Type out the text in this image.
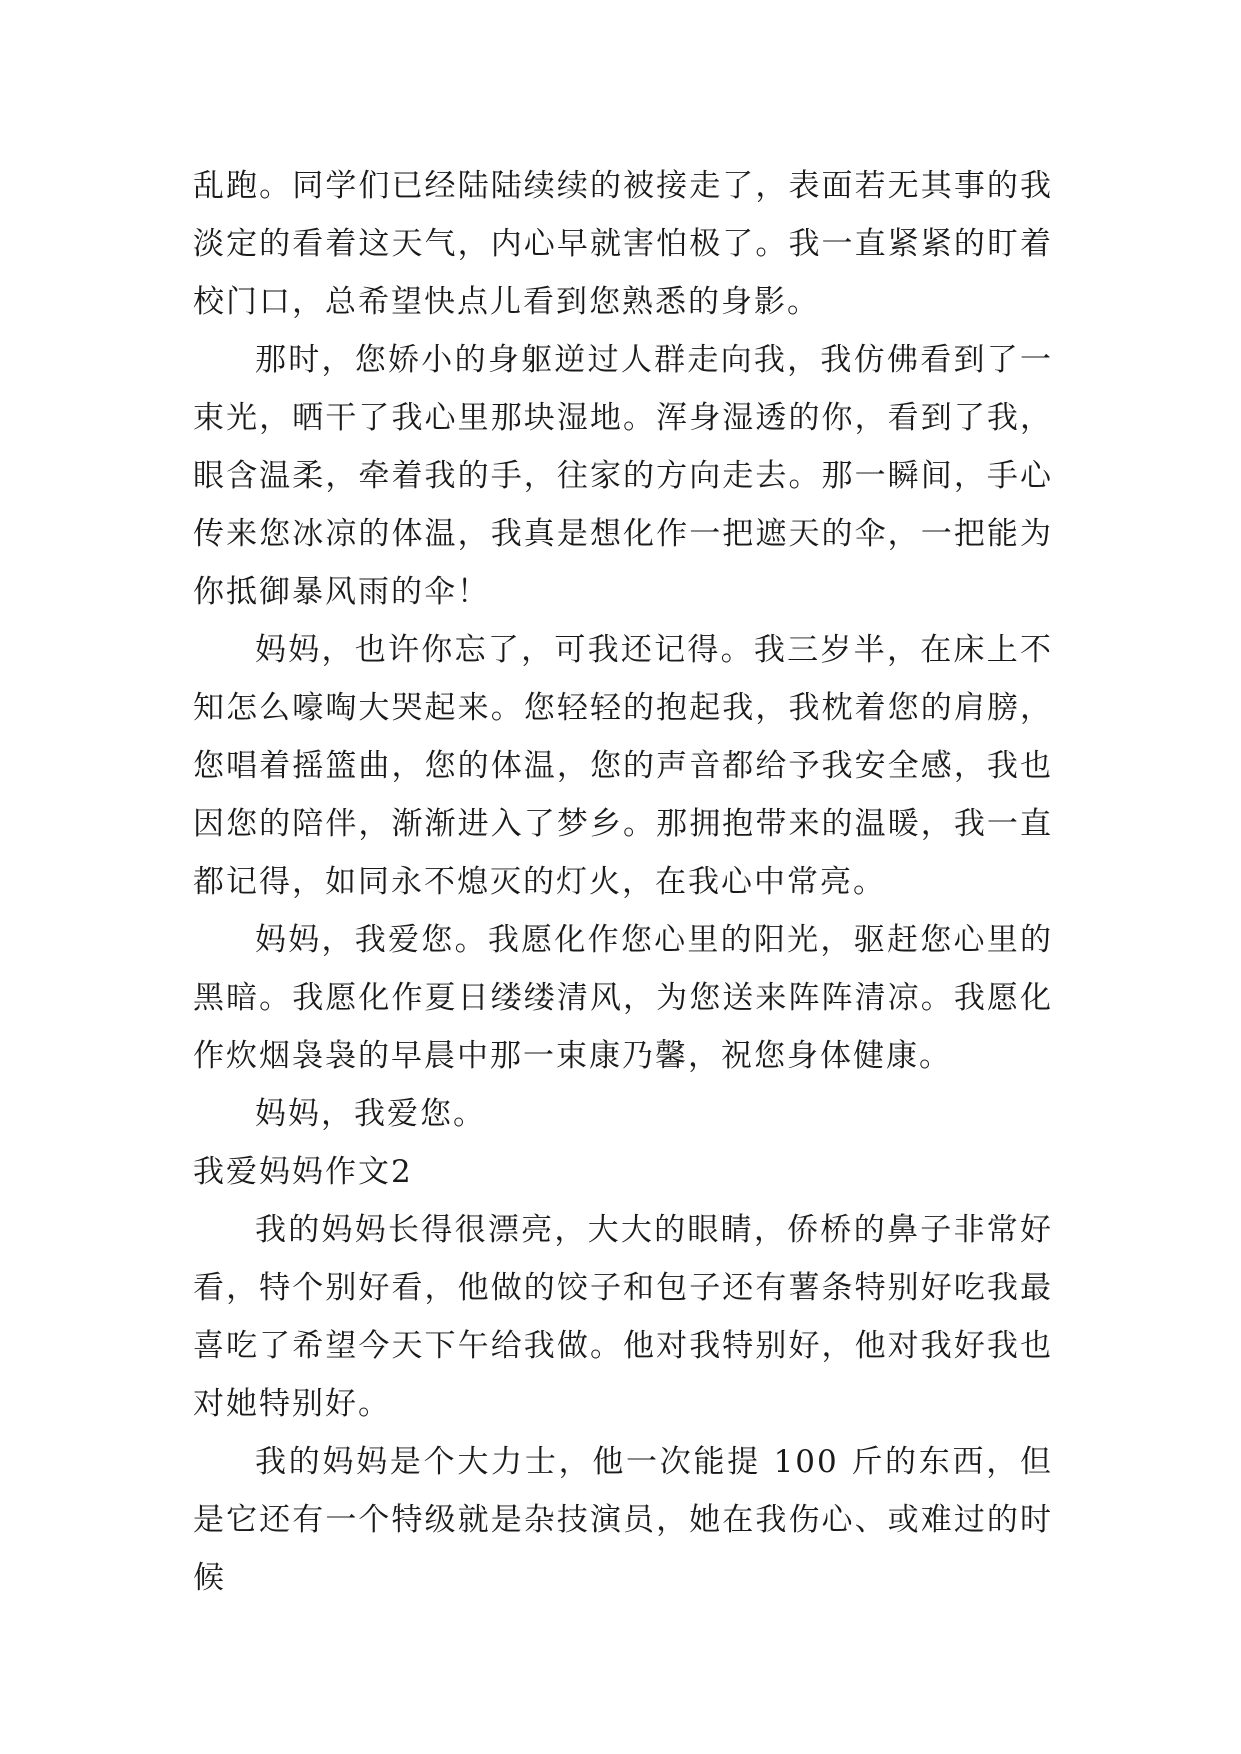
乱跑。同学们已经陆陆续续的被接走了，表面若无其事的我淡定的看着这天气，内心早就害怕极了。我一直紧紧的盯着校门口，总希望快点儿看到您熟悉的身影。

那时，您娇小的身躯逆过人群走向我，我仿佛看到了一束光，晒干了我心里那块湿地。浑身湿透的你，看到了我，眼含温柔，牵着我的手，往家的方向走去。那一瞬间，手心传来您冰凉的体温，我真是想化作一把遮天的伞，一把能为你抵御暴风雨的伞！

妈妈，也许你忘了，可我还记得。我三岁半，在床上不知怎么嚎啕大哭起来。您轻轻的抱起我，我枕着您的肩膀，您唱着摇篮曲，您的体温，您的声音都给予我安全感，我也因您的陪伴，渐渐进入了梦乡。那拥抱带来的温暖，我一直都记得，如同永不熄灭的灯火，在我心中常亮。

妈妈，我爱您。我愿化作您心里的阳光，驱赶您心里的黑暗。我愿化作夏日缕缕清风，为您送来阵阵清凉。我愿化作炊烟袅袅的早晨中那一束康乃馨，祝您身体健康。

妈妈，我爱您。

我爱妈妈作文2

我的妈妈长得很漂亮，大大的眼睛，侨桥的鼻子非常好看，特个别好看，他做的饺子和包子还有薯条特别好吃我最喜吃了希望今天下午给我做。他对我特别好，他对我好我也对她特别好。

我的妈妈是个大力士，他一次能提 100 斤的东西，但是它还有一个特级就是杂技演员，她在我伤心、或难过的时候
